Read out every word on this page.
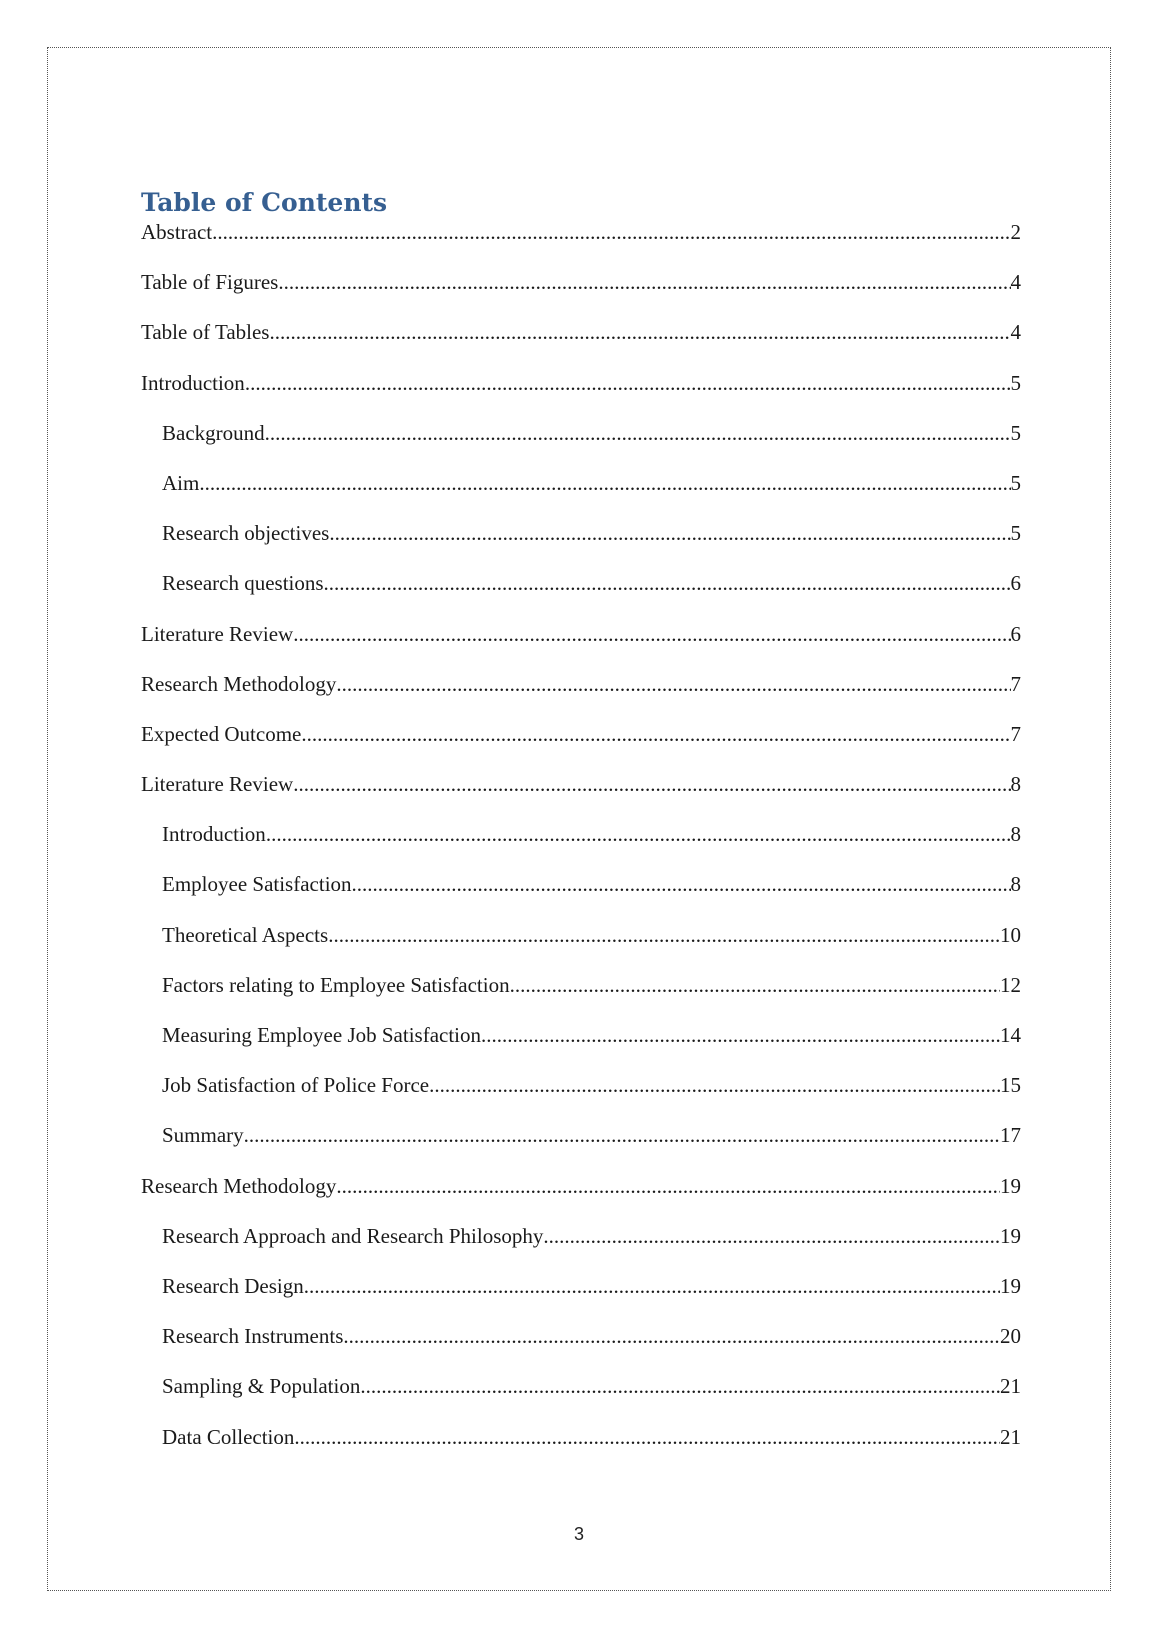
Table of Contents
Abstract .....	2
Table of Figures .....	4
Table of Tables .....	4
Introduction .....	5
Background .....	5
Aim .....	5
Research objectives .....	5
Research questions .....	6
Literature Review .....	6
Research Methodology .....	7
Expected Outcome .....	7
Literature Review .....	8
Introduction .....	8
Employee Satisfaction .....	8
Theoretical Aspects .....	10
Factors relating to Employee Satisfaction .....	12
Measuring Employee Job Satisfaction .....	14
Job Satisfaction of Police Force .....	15
Summary .....	17
Research Methodology .....	19
Research Approach and Research Philosophy .....	19
Research Design .....	19
Research Instruments .....	20
Sampling & Population .....	21
Data Collection .....	21
3
